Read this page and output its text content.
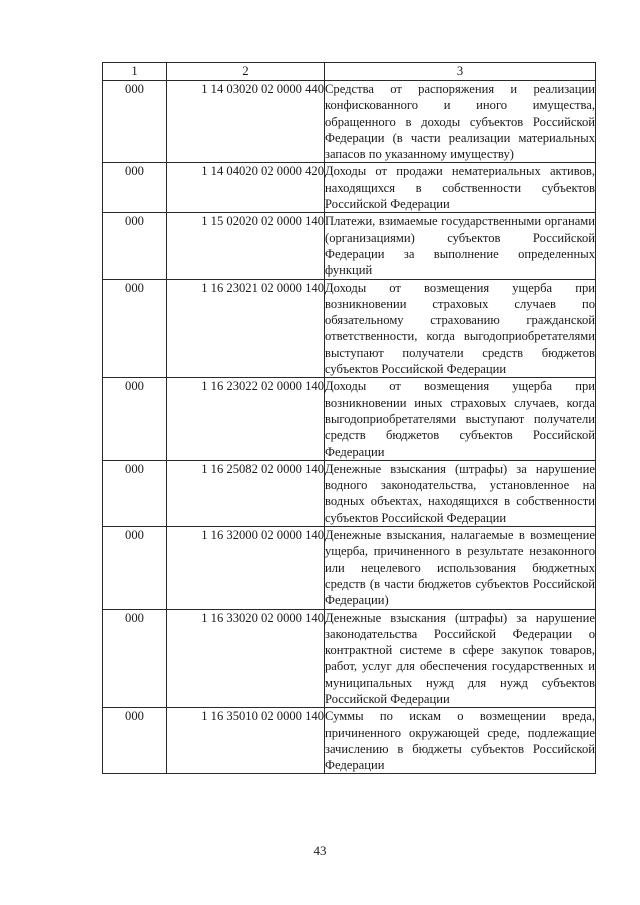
1	2	3
000	1 14 03020 02 0000 440	Средства от распоряжения и реализации конфискованного и иного имущества, обращенного в доходы субъектов Российской Федерации (в части реализации материальных запасов по указанному имуществу)
000	1 14 04020 02 0000 420	Доходы от продажи нематериальных активов, находящихся в собственности субъектов Российской Федерации
000	1 15 02020 02 0000 140	Платежи, взимаемые государственными органами (организациями) субъектов Российской Федерации за выполнение определенных функций
000	1 16 23021 02 0000 140	Доходы от возмещения ущерба при возникновении страховых случаев по обязательному страхованию гражданской ответственности, когда выгодоприобретателями выступают получатели средств бюджетов субъектов Российской Федерации
000	1 16 23022 02 0000 140	Доходы от возмещения ущерба при возникновении иных страховых случаев, когда выгодоприобретателями выступают получатели средств бюджетов субъектов Российской Федерации
000	1 16 25082 02 0000 140	Денежные взыскания (штрафы) за нарушение водного законодательства, установленное на водных объектах, находящихся в собственности субъектов Российской Федерации
000	1 16 32000 02 0000 140	Денежные взыскания, налагаемые в возмещение ущерба, причиненного в результате незаконного или нецелевого использования бюджетных средств (в части бюджетов субъектов Российской Федерации)
000	1 16 33020 02 0000 140	Денежные взыскания (штрафы) за нарушение законодательства Российской Федерации о контрактной системе в сфере закупок товаров, работ, услуг для обеспечения государственных и муниципальных нужд для нужд субъектов Российской Федерации
000	1 16 35010 02 0000 140	Суммы по искам о возмещении вреда, причиненного окружающей среде, подлежащие зачислению в бюджеты субъектов Российской Федерации
43
